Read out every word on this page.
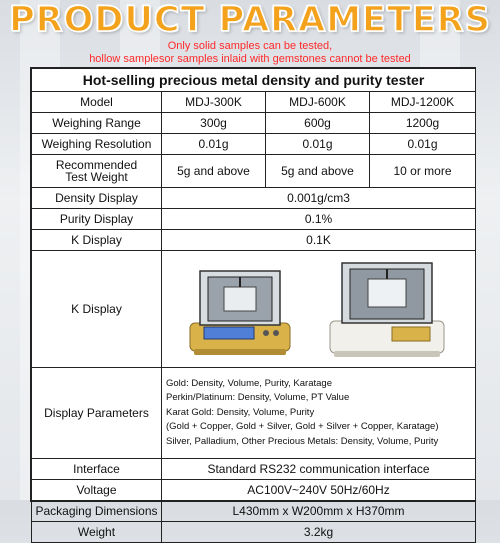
PRODUCT PARAMETERS
Only solid samples can be tested,
hollow samplesor samples inlaid with gemstones cannot be tested
Hot-selling precious metal density and purity tester			
Model	MDJ-300K	MDJ-600K	MDJ-1200K
Weighing Range	300g	600g	1200g
Weighing Resolution	0.01g	0.01g	0.01g

Recommended
Test Weight	5g and above	5g and above	10 or more
Density Display	0.001g/cm3		
Purity Display	0.1%		
K Display	0.1K		
K Display	

Display Parameters	Gold: Density, Volume, Purity, Karatage
Perkin/Platinum: Density, Volume, PT Value
Karat Gold: Density, Volume, Purity
(Gold + Copper, Gold + Silver, Gold + Silver + Copper, Karatage)
Silver, Palladium, Other Precious Metals: Density, Volume, Purity		

Interface	Standard RS232 communication interface		
Voltage	AC100V~240V 50Hz/60Hz		
Packaging Dimensions	L430mm x W200mm x H370mm		
Weight	3.2kg		
